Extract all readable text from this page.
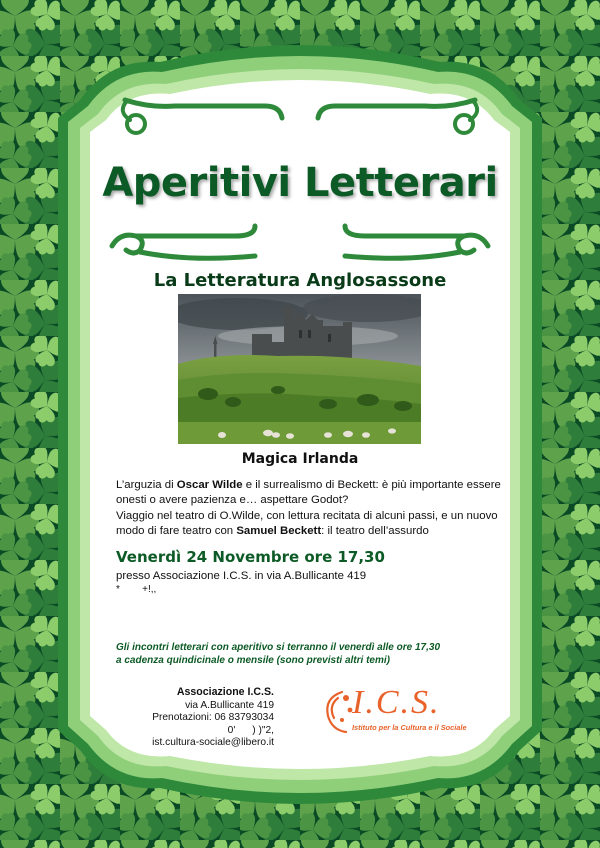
Aperitivi Letterari
La Letteratura Anglosassone
Magica Irlanda
L’arguzia di Oscar Wilde e il surrealismo di Beckett: è più importante essere onesti o avere pazienza e… aspettare Godot?
Viaggio nel teatro di O.Wilde, con lettura recitata di alcuni passi, e un nuovo modo di fare teatro con Samuel Beckett: il teatro dell’assurdo
Venerdì 24 Novembre ore 17,30
presso Associazione I.C.S. in via A.Bullicante 419
*        +!,,
Gli incontri letterari con aperitivo si terranno il venerdì alle ore 17,30
a cadenza quindicinale o mensile (sono previsti altri temi)
Associazione I.C.S.
via A.Bullicante 419
Prenotazioni: 06 83793034
0'      ) )"2,
ist.cultura-sociale@libero.it
I.C.S.
Istituto per la Cultura e il Sociale
